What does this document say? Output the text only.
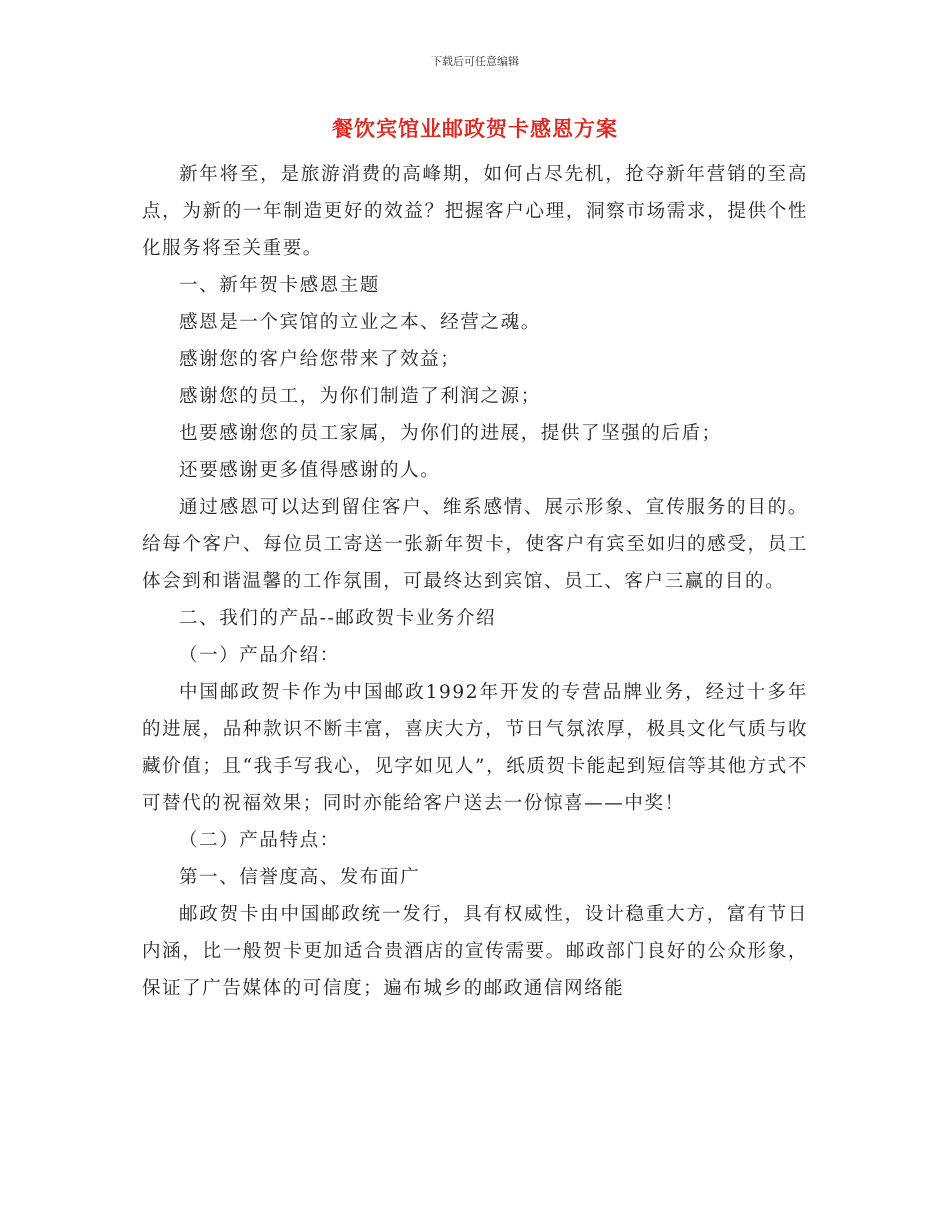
下载后可任意编辑
餐饮宾馆业邮政贺卡感恩方案

新年将至，是旅游消费的高峰期，如何占尽先机，抢夺新年营销的至高点，为新的一年制造更好的效益？把握客户心理，洞察市场需求，提供个性化服务将至关重要。

一、新年贺卡感恩主题

感恩是一个宾馆的立业之本、经营之魂。

感谢您的客户给您带来了效益；

感谢您的员工，为你们制造了利润之源；

也要感谢您的员工家属，为你们的进展，提供了坚强的后盾；

还要感谢更多值得感谢的人。

通过感恩可以达到留住客户、维系感情、展示形象、宣传服务的目的。给每个客户、每位员工寄送一张新年贺卡，使客户有宾至如归的感受，员工体会到和谐温馨的工作氛围，可最终达到宾馆、员工、客户三赢的目的。

二、我们的产品--邮政贺卡业务介绍

（一）产品介绍：

中国邮政贺卡作为中国邮政1992年开发的专营品牌业务，经过十多年的进展，品种款识不断丰富，喜庆大方，节日气氛浓厚，极具文化气质与收藏价值；且“我手写我心，见字如见人”，纸质贺卡能起到短信等其他方式不可替代的祝福效果；同时亦能给客户送去一份惊喜——中奖！

（二）产品特点：

第一、信誉度高、发布面广

邮政贺卡由中国邮政统一发行，具有权威性，设计稳重大方，富有节日内涵，比一般贺卡更加适合贵酒店的宣传需要。邮政部门良好的公众形象，保证了广告媒体的可信度；遍布城乡的邮政通信网络能
